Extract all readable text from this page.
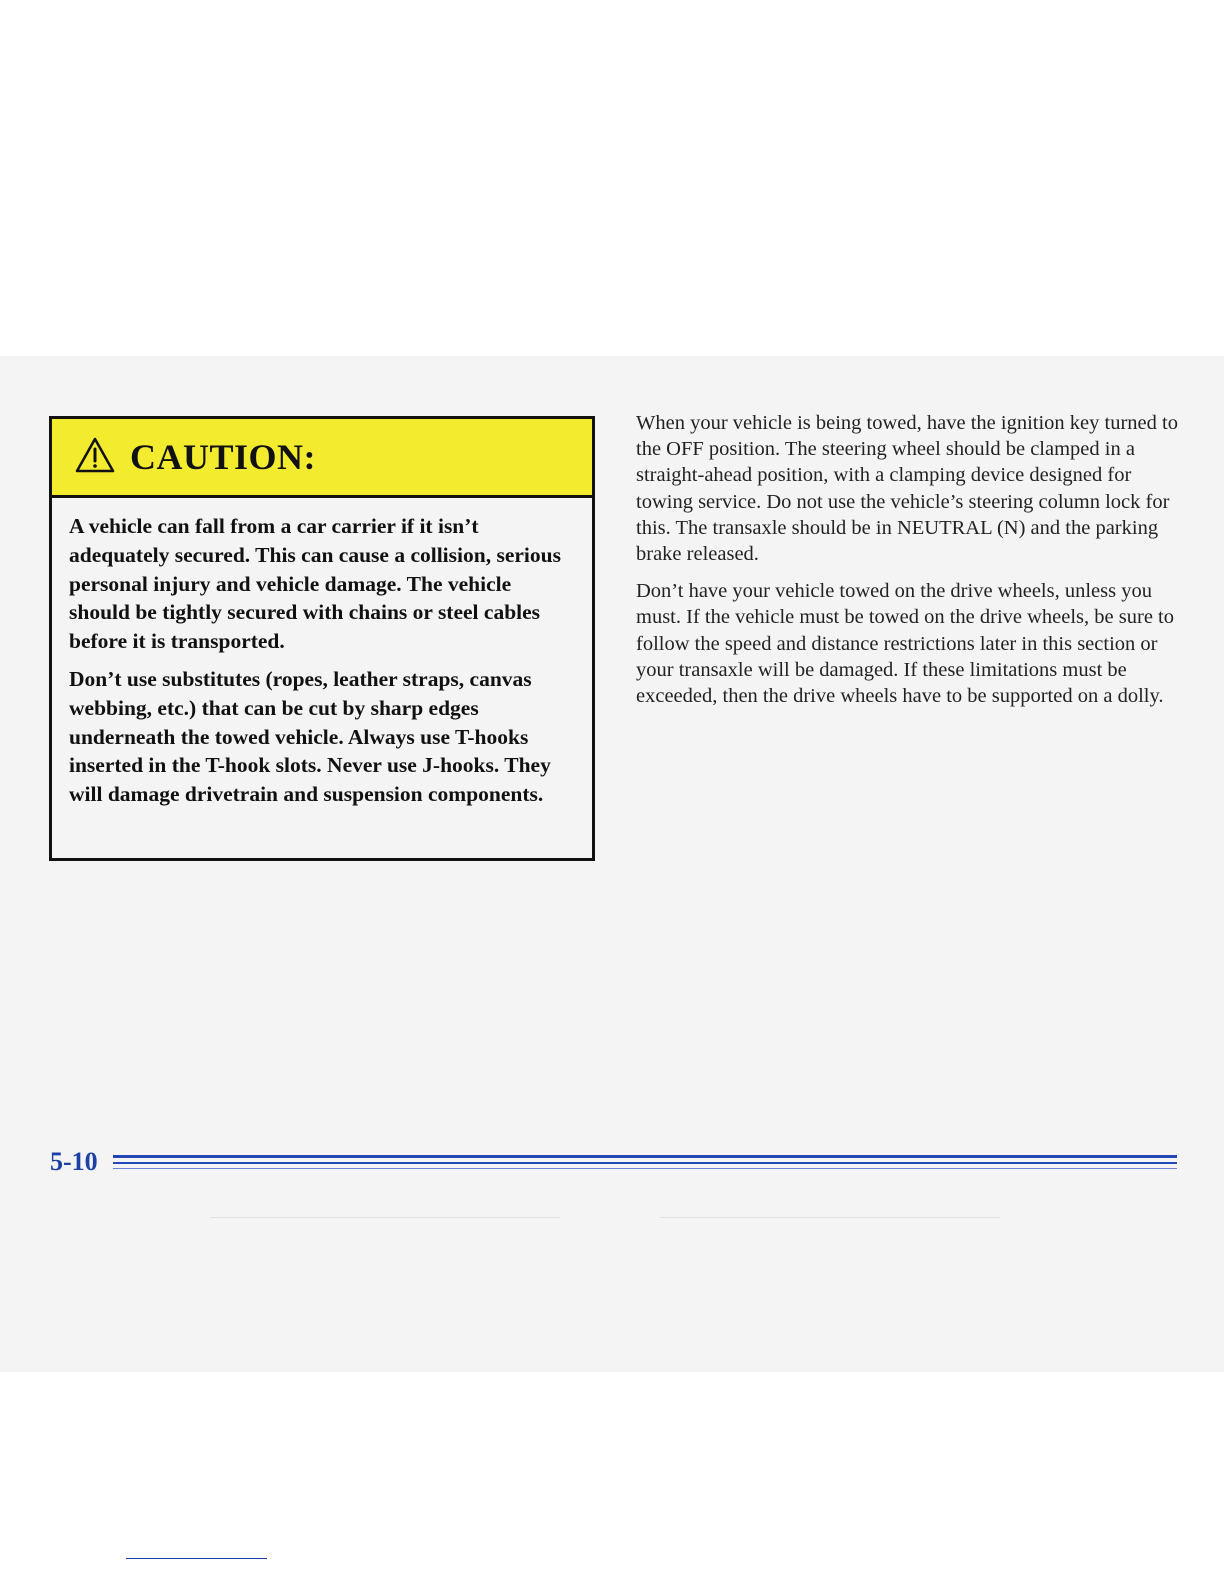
CAUTION:

A vehicle can fall from a car carrier if it isn’t adequately secured. This can cause a collision, serious personal injury and vehicle damage. The vehicle should be tightly secured with chains or steel cables before it is transported.

Don’t use substitutes (ropes, leather straps, canvas webbing, etc.) that can be cut by sharp edges underneath the towed vehicle. Always use T-hooks inserted in the T-hook slots. Never use J-hooks. They will damage drivetrain and suspension components.

When your vehicle is being towed, have the ignition key turned to the OFF position. The steering wheel should be clamped in a straight-ahead position, with a clamping device designed for towing service. Do not use the vehicle’s steering column lock for this. The transaxle should be in NEUTRAL (N) and the parking brake released.

Don’t have your vehicle towed on the drive wheels, unless you must. If the vehicle must be towed on the drive wheels, be sure to follow the speed and distance restrictions later in this section or your transaxle will be damaged. If these limitations must be exceeded, then the drive wheels have to be supported on a dolly.

5-10
